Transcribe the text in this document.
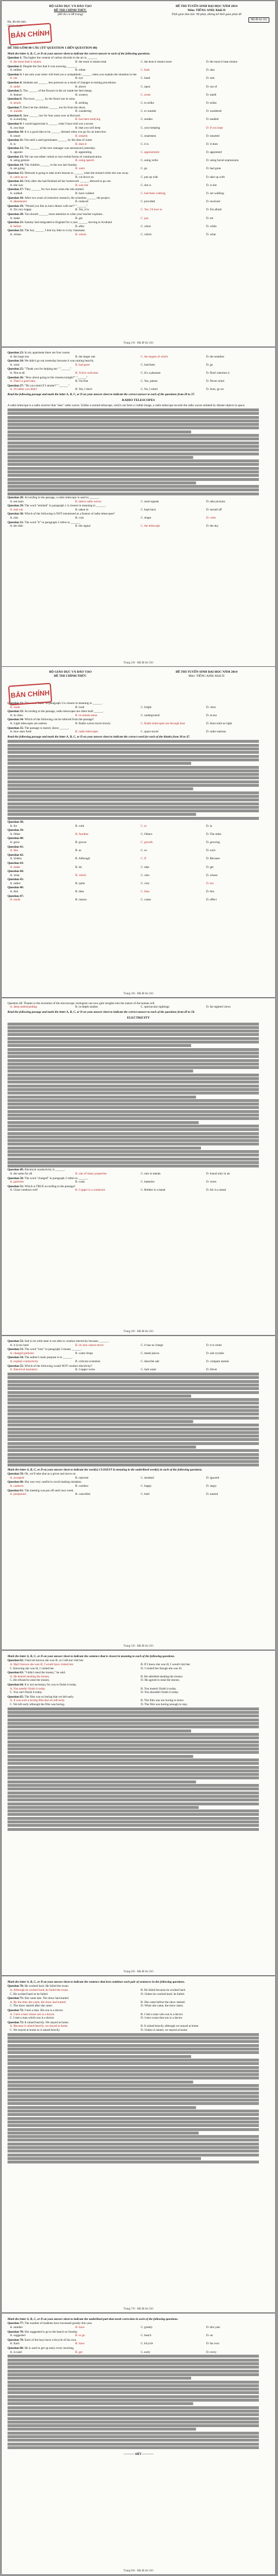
BỘ GIÁO DỤC VÀ ĐÀO TẠO
ĐỀ THI CHÍNH THỨC
(Đề thi có 08 trang)
ĐỀ THI TUYỂN SINH ĐẠI HỌC NĂM 2014
Môn: TIẾNG ANH; Khối D
Thời gian làm bài: 90 phút, không kể thời gian phát đề
Mã đề thi 163
Họ, tên thí sinh:
Số báo danh:
BẢN CHÍNH
ĐỀ THI GỒM 80 CÂU (TỪ QUESTION 1 ĐẾN QUESTION 80)
Mark the letter A, B, C, or D on your answer sheet to indicate the correct answer to each of the following questions.
Question 1: The higher the content of carbon dioxide in the air is, ______.
A. the more heat it retains	B. the more it retains heat	C. the heat it retains more	D. the more it heat retains
Question 2: Despite the fact that it was snowing, ______.
A. neither	B. either	C. both	D. also
Question 3: I am sure your sister will lend you a sympathetic ______ when you explain the situation to her.
A. ear	B. eye	C. hand	D. arm
Question 4: Students are ______ less pressure as a result of changes in testing procedures.
A. under	B. above	C. upon	D. out of
Question 5: The ______ of the flowers in the air made her feel sleepy.
A. feature	B. scenery	C. scent	D. smell
Question 6: The town ______ by the flood was in ruins.
A. struck	B. striking	C. to strike	D. strike
Question 7: Don't let the children ______ too far from the shore.
A. wander	B. wandering	C. to wander	D. wandered
Question 8: Jane ______ law for four years now at Harvard.
A. is studying	B. has been studying	C. studies	D. studied
Question 9: I would appreciate it ______ what I have told you a secret.
A. you kept	B. that you will keep	C. your keeping	D. if you kept
Question 10: It is a good idea to be ______ dressed when you go for an interview.
A. smart	B. smartly	C. smartness	D. smarted
Question 11: Not until a seed germinates ______ by the time of water.
A. is	B. does it	C. it is	D. it does
Question 12: The ______ of the new manager was announced yesterday.
A. appoint	B. appointing	C. appointment	D. appointed
Question 13: We can use either verbal or non-verbal forms of communication.
A. using gesture	B. using speech	C. using verbs	D. using facial expressions
Question 14: The children ______ to the zoo last Sunday.
A. are going	B. went	C. go	D. had gone
Question 15: Deborah is going to take extra lessons to ______ what she missed while she was away.
A. catch up on	B. cut down on	C. put up with	D. take up with
Question 16: Only after she had finished all her homework ______ allowed to go out.
A. she was	B. was she	C. she is	D. is she
Question 17: They ______ for two hours when the rain started.
A. walked	B. have walked	C. had been walking	D. are walking
Question 18: After two years of extensive research, the scientists ______ the project.
A. abandoned	B. reduced	C. provided	D. received
Question 19: "Would you like to have dinner with me?" "______"
A. I'm very happy	B. Yes, it is	C. Yes, I'd love to	D. I'm afraid
Question 20: You should ______ more attention to what your teacher explains.
A. make	B. get	C. pay	D. set
Question 21: Sammy had emigrated to England for a year ______ moving to Scotland.
A. before	B. after	C. when	D. while
Question 22: The boy ______ I lent my bike to is my classmate.
A. whose	B. whom	C. which	D. what
Trang 1/8 - Mã đề thi 163
Question 23: In my apartment there are four rooms.
A. the large one	B. the larger one	C. the largest of which	D. the smallest
Question 24: We didn't go out yesterday because it was raining heavily.
A. went	B. had gone	C. had been	D. go
Question 25: "Thank you for helping me." "______"
A. Not at all	B. You're welcome	C. It's a pleasure	D. Don't mention it
Question 26: "How about going to the cinema tonight?" "______"
A. That's a good idea	B. I'm fine	C. Yes, please	D. Never mind
Question 27: "Do you mind if I smoke?" "______"
A. I'd rather you didn't	B. Yes, I don't	C. No, I mind	D. Sure, go on
Read the following passage and mark the letter A, B, C, or D on your answer sheet to indicate the correct answer to each of the questions from 28 to 37.
RADIO TELESCOPES
A radio telescope is a radio receiver that "sees" radio waves. Unlike a normal telescope, which can form a visible image, a radio telescope records the radio waves emitted by distant objects in space.
Question 28: According to the passage, a radio telescope is used to ______.
A. see stars	B. detect radio waves	C. send signals	D. take pictures
Question 29: The word "emitted" in paragraph 1 is closest in meaning to ______.
A. sent out	B. taken in	C. kept back	D. turned off
Question 30: Which of the following is NOT mentioned as a feature of radio telescopes?
A. size	B. cost	C. shape	D. color
Question 31: The word "it" in paragraph 2 refers to ______.
A. the dish	B. the signal	C. the telescope	D. the sky
Trang 2/8 - Mã đề thi 163
BỘ GIÁO DỤC VÀ ĐÀO TẠO
ĐỀ THI CHÍNH THỨC
ĐỀ THI TUYỂN SINH ĐẠI HỌC NĂM 2014
Môn: TIẾNG ANH; Khối D
BẢN CHÍNH
Question 32: The word "faint" in paragraph 3 is closest in meaning to ______.
A. weak	B. loud	C. bright	D. clear
Question 33: According to the passage, radio telescopes are often built ______.
A. in cities	B. in remote areas	C. underground	D. at sea
Question 34: Which of the following can be inferred from the passage?
A. Light telescopes are useless	B. Radio waves travel slowly	C. Radio telescopes see through dust	D. Stars emit no light
Question 35: The passage is mainly about ______.
A. how stars form	B. radio telescopes	C. space travel	D. radio stations
Read the following passage and mark the letter A, B, C, or D on your answer sheet to indicate the correct word for each of the blanks from 38 to 47.
Question 38:
A. for	B. with	C. to	D. in
Question 39:
A. Other	B. Another	C. Others	D. The other
Question 40:
A. grow	B. grown	C. growth	D. growing
Question 41:
A. like	B. as	C. so	D. such
Question 42:
A. Unless	B. Although	C. If	D. Because
Question 43:
A. make	B. do	C. take	D. get
Question 44:
A. what	B. which	C. who	D. whose
Question 45:
A. rather	B. quite	C. very	D. too
Question 46:
A. that	B. then	C. than	D. this
Question 47:
A. result	B. reason	C. cause	D. effect
Trang 3/8 - Mã đề thi 163
Question 48: Thanks to the invention of the microscope, biologists can now gain insights into the nature of the human cell.
A. deep understanding	B. in-depth studies	C. spectacular sightings	D. far-sighted views
Read the following passage and mark the letter A, B, C, or D on your answer sheet to indicate the correct answer to each of the questions from 49 to 58.
ELECTRICITY
Question 49: Electrical conductivity is ______.
A. the same for all	B. one of many properties	C. rare in metals	D. found only in air
Question 50: The word "charged" in paragraph 2 refers to ______.
A. particles	B. costs	C. batteries	D. wires
Question 51: Which is TRUE according to the passage?
A. Glass conducts well	B. Copper is a conductor	C. Rubber is a metal	D. Air is a metal
Trang 4/8 - Mã đề thi 163
Question 52: Salt in its solid state is not able to conduct electricity because ______.
A. it is too hard	B. its ions cannot move	C. it has no charge	D. it is white
Question 53: The word "ions" in paragraph 3 means ______.
A. charged particles	B. water drops	C. metal pieces	D. salt crystals
Question 54: The author's main purpose is to ______.
A. explain conductivity	B. criticize scientists	C. describe salt	D. compare metals
Question 55: Which of the following would NOT conduct electricity?
A. Electrical insulators	B. Copper wires	C. Salt water	D. Silver
Mark the letter A, B, C, or D on your answer sheet to indicate the word(s) CLOSEST in meaning to the underlined word(s) in each of the following questions.
Question 59: Ok, we'll take that as a given and move on.
A. accepted	B. rejected	C. doubted	D. ignored
Question 60: She was very careful to avoid making mistakes.
A. cautious	B. careless	C. happy	D. angry
Question 61: The meeting was put off until next week.
A. postponed	B. cancelled	C. held	D. started
Trang 5/8 - Mã đề thi 163
Mark the letter A, B, C, or D on your answer sheet to indicate the sentence that is closest in meaning to each of the following questions.
Question 62: I had not known she was ill, so I did not visit her.
A. Had I known she was ill, I would have visited her.	B. If I knew she was ill, I would visit her.
C. Knowing she was ill, I visited her.	D. I visited her though she was ill.
Question 63: "I didn't steal the money," he said.
A. He denied stealing the money.	B. He admitted stealing the money.
C. He refused to steal the money.	D. He agreed to steal the money.
Question 64: It is not necessary for you to finish it today.
A. You needn't finish it today.	B. You mustn't finish it today.
C. You can't finish it today.	D. You shouldn't finish it today.
Question 65: The film was so boring that we left early.
A. It was such a boring film that we left early.	B. The film was too boring to leave.
C. We left early although the film was boring.	D. The film was boring enough to stay.
Trang 6/8 - Mã đề thi 163
Mark the letter A, B, C, or D on your answer sheet to indicate the sentence that best combines each pair of sentences in the following questions.
Question 70: He worked hard. He failed the exam.
A. Although he worked hard, he failed the exam.	B. He failed because he worked hard.
C. He worked hard so he failed.	D. Unless he worked hard, he failed.
Question 71: She came late. The show had started.
A. By the time she came, the show had started.	B. She came before the show started.
C. The show started after she came.	D. When she came, the show starts.
Question 72: I met a man. His son is a doctor.
A. I met a man whose son is a doctor.	B. I met a man who son is a doctor.
C. I met a man which son is a doctor.	D. I met a man that son is a doctor.
Question 73: It rained heavily. We stayed at home.
A. Because it rained heavily, we stayed at home.	B. It rained heavily although we stayed at home.
C. We stayed at home so it rained heavily.	D. Unless it rained, we stayed at home.
Trang 7/8 - Mã đề thi 163
Mark the letter A, B, C, or D on your answer sheet to indicate the underlined part that needs correction in each of the following questions.
Question 77: The number of students have increased greatly this year.
A. number	B. have	C. greatly	D. this year
Question 78: She suggested to go to the beach on Sunday.
A. suggested	B. to go	C. beach	D. on
Question 79: Each of the boys have a bicycle of his own.
A. Each	B. have	C. bicycle	D. his own
Question 80: He is used to get up early every morning.
A. is used	B. get	C. early	D. every
----------- HẾT -----------
Trang 8/8 - Mã đề thi 163
